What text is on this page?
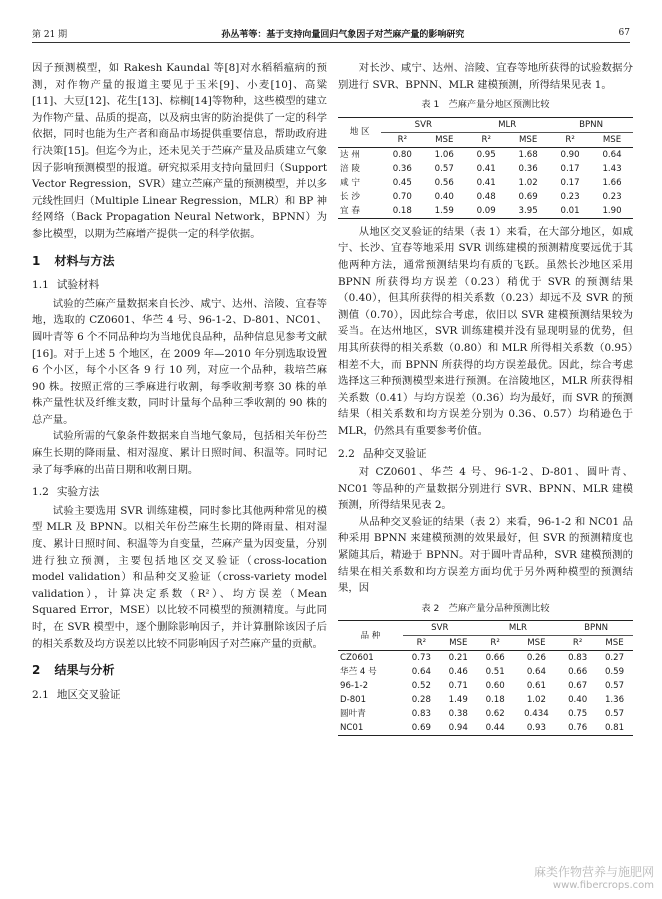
第 21 期	孙丛苇等：基于支持向量回归气象因子对苎麻产量的影响研究	67

因子预测模型，如 Rakesh Kaundal 等[8]对水稻稻瘟病的预测，对作物产量的报道主要见于玉米[9]、小麦[10]、高粱[11]、大豆[12]、花生[13]、棕榈[14]等物种，这些模型的建立为作物产量、品质的提高，以及病虫害的防治提供了一定的科学依据，同时也能为生产者和商品市场提供重要信息，帮助政府进行决策[15]。但迄今为止，还未见关于苎麻产量及品质建立气象因子影响预测模型的报道。研究拟采用支持向量回归（Support Vector Regression，SVR）建立苎麻产量的预测模型，并以多元线性回归（Multiple Linear Regression，MLR）和 BP 神经网络（Back Propagation Neural Network，BPNN）为参比模型，以期为苎麻增产提供一定的科学依据。

1 材料与方法
1.1 试验材料

试验的苎麻产量数据来自长沙、咸宁、达州、涪陵、宜春等地，选取的 CZ0601、华苎 4 号、96-1-2、D-801、NC01、圆叶青等 6 个不同品种均为当地优良品种，品种信息见参考文献[16]。对于上述 5 个地区，在 2009 年—2010 年分别选取设置 6 个小区，每个小区各 9 行 10 列，对应一个品种，栽培苎麻 90 株。按照正常的三季麻进行收割，每季收割考察 30 株的单株产量性状及纤维支数，同时计量每个品种三季收割的 90 株的总产量。

试验所需的气象条件数据来自当地气象局，包括相关年份苎麻生长期的降雨量、相对湿度、累计日照时间、积温等。同时记录了每季麻的出苗日期和收割日期。

1.2 实验方法

试验主要选用 SVR 训练建模，同时参比其他两种常见的模型 MLR 及 BPNN。以相关年份苎麻生长期的降雨量、相对湿度、累计日照时间、积温等为自变量，苎麻产量为因变量，分别进行独立预测，主要包括地区交叉验证（cross-location model validation）和品种交叉验证（cross-variety model validation），计算决定系数（R²）、均方误差（Mean Squared Error，MSE）以比较不同模型的预测精度。与此同时，在 SVR 模型中，逐个删除影响因子，并计算删除该因子后的相关系数及均方误差以比较不同影响因子对苎麻产量的贡献。

2 结果与分析
2.1 地区交叉验证

对长沙、咸宁、达州、涪陵、宜春等地所获得的试验数据分别进行 SVR、BPNN、MLR 建模预测，所得结果见表 1。

表 1　苎麻产量分地区预测比较
地 区	SVR		MLR		BPNN	
	R²	MSE	R²	MSE	R²	MSE
达 州	0.80	1.06	0.95	1.68	0.90	0.64
涪 陵	0.36	0.57	0.41	0.36	0.17	1.43
咸 宁	0.45	0.56	0.41	1.02	0.17	1.66
长 沙	0.70	0.40	0.48	0.69	0.23	0.23
宜 春	0.18	1.59	0.09	3.95	0.01	1.90

从地区交叉验证的结果（表 1）来看，在大部分地区，如咸宁、长沙、宜春等地采用 SVR 训练建模的预测精度要远优于其他两种方法，通常预测结果均有质的飞跃。虽然长沙地区采用 BPNN 所获得均方误差（0.23）稍优于 SVR 的预测结果（0.40），但其所获得的相关系数（0.23）却远不及 SVR 的预测值（0.70），因此综合考虑，依旧以 SVR 建模预测结果较为妥当。在达州地区，SVR 训练建模并没有显现明显的优势，但用其所获得的相关系数（0.80）和 MLR 所得相关系数（0.95）相差不大，而 BPNN 所获得的均方误差最优。因此，综合考虑选择这三种预测模型来进行预测。在涪陵地区，MLR 所获得相关系数（0.41）与均方误差（0.36）均为最好，而 SVR 的预测结果（相关系数和均方误差分别为 0.36、0.57）均稍逊色于 MLR，仍然具有重要参考价值。

2.2 品种交叉验证

对 CZ0601、华苎 4 号、96-1-2、D-801、圆叶青、NC01 等品种的产量数据分别进行 SVR、BPNN、MLR 建模预测，所得结果见表 2。

从品种交叉验证的结果（表 2）来看，96-1-2 和 NC01 品种采用 BPNN 来建模预测的效果最好，但 SVR 的预测精度也紧随其后，精逊于 BPNN。对于圆叶青品种，SVR 建模预测的结果在相关系数和均方误差方面均优于另外两种模型的预测结果，因

表 2　苎麻产量分品种预测比较
品 种	SVR		MLR		BPNN	
	R²	MSE	R²	MSE	R²	MSE
CZ0601	0.73	0.21	0.66	0.26	0.83	0.27
华苎 4 号	0.64	0.46	0.51	0.64	0.66	0.59
96-1-2	0.52	0.71	0.60	0.61	0.67	0.57
D-801	0.28	1.49	0.18	1.02	0.40	1.36
圆叶青	0.83	0.38	0.62	0.434	0.75	0.57
NC01	0.69	0.94	0.44	0.93	0.76	0.81
麻类作物营养与施肥网
www.fibercrops.com
